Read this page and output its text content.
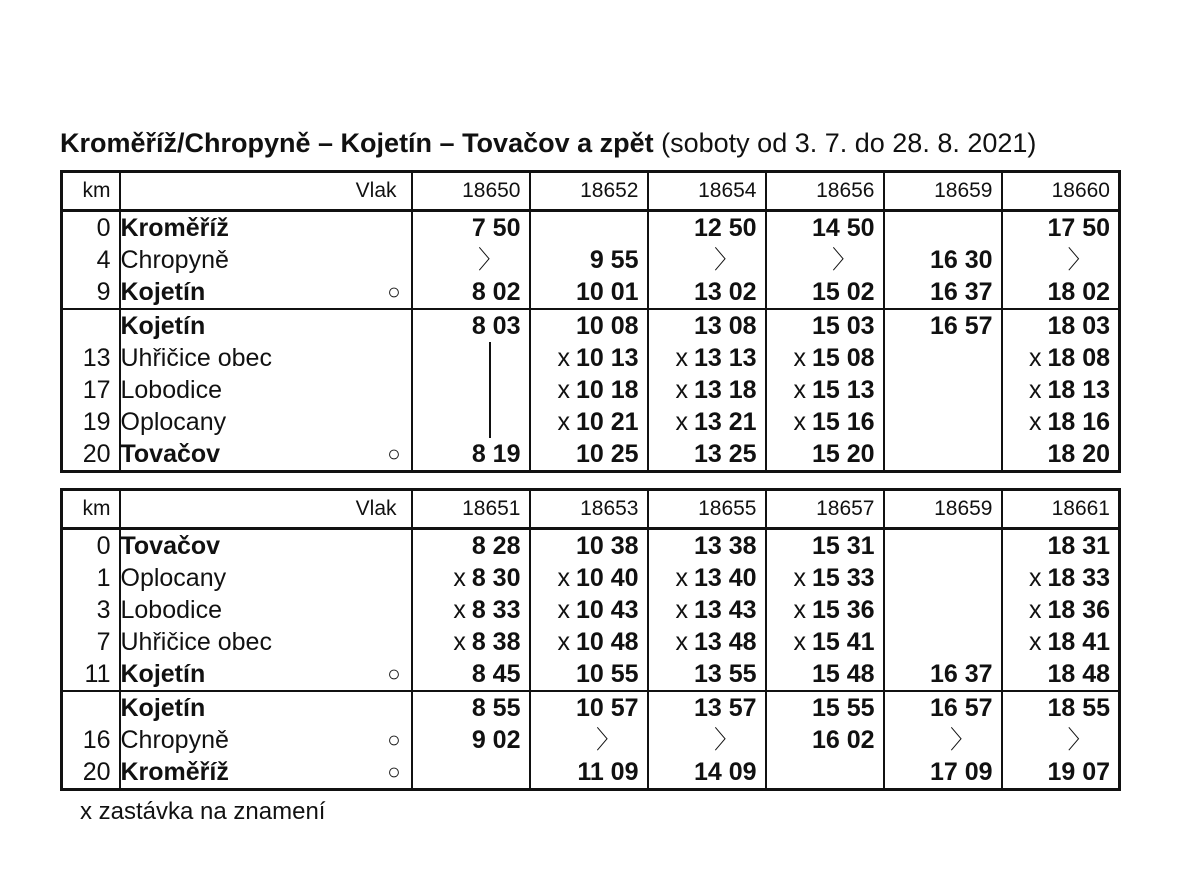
Kroměříž/Chropyně – Kojetín – Tovačov a zpět (soboty od 3. 7. do 28. 8. 2021)
km	Vlak	18650	18652	18654	18656	18659	18660
0	Kroměříž	7 50		12 50	14 50		17 50
4	Chropyně	〉	9 55	〉	〉	16 30	〉
9	Kojetín ○	8 02	10 01	13 02	15 02	16 37	18 02
	Kojetín	8 03	10 08	13 08	15 03	16 57	18 03
13	Uhřičice obec		x 10 13	x 13 13	x 15 08		x 18 08
17	Lobodice		x 10 18	x 13 18	x 15 13		x 18 13
19	Oplocany		x 10 21	x 13 21	x 15 16		x 18 16
20	Tovačov ○	8 19	10 25	13 25	15 20		18 20
km	Vlak	18651	18653	18655	18657	18659	18661
0	Tovačov	8 28	10 38	13 38	15 31		18 31
1	Oplocany	x 8 30	x 10 40	x 13 40	x 15 33		x 18 33
3	Lobodice	x 8 33	x 10 43	x 13 43	x 15 36		x 18 36
7	Uhřičice obec	x 8 38	x 10 48	x 13 48	x 15 41		x 18 41
11	Kojetín ○	8 45	10 55	13 55	15 48	16 37	18 48
	Kojetín	8 55	10 57	13 57	15 55	16 57	18 55
16	Chropyně ○	9 02	〉	〉	16 02	〉	〉
20	Kroměříž ○		11 09	14 09		17 09	19 07
x zastávka na znamení
